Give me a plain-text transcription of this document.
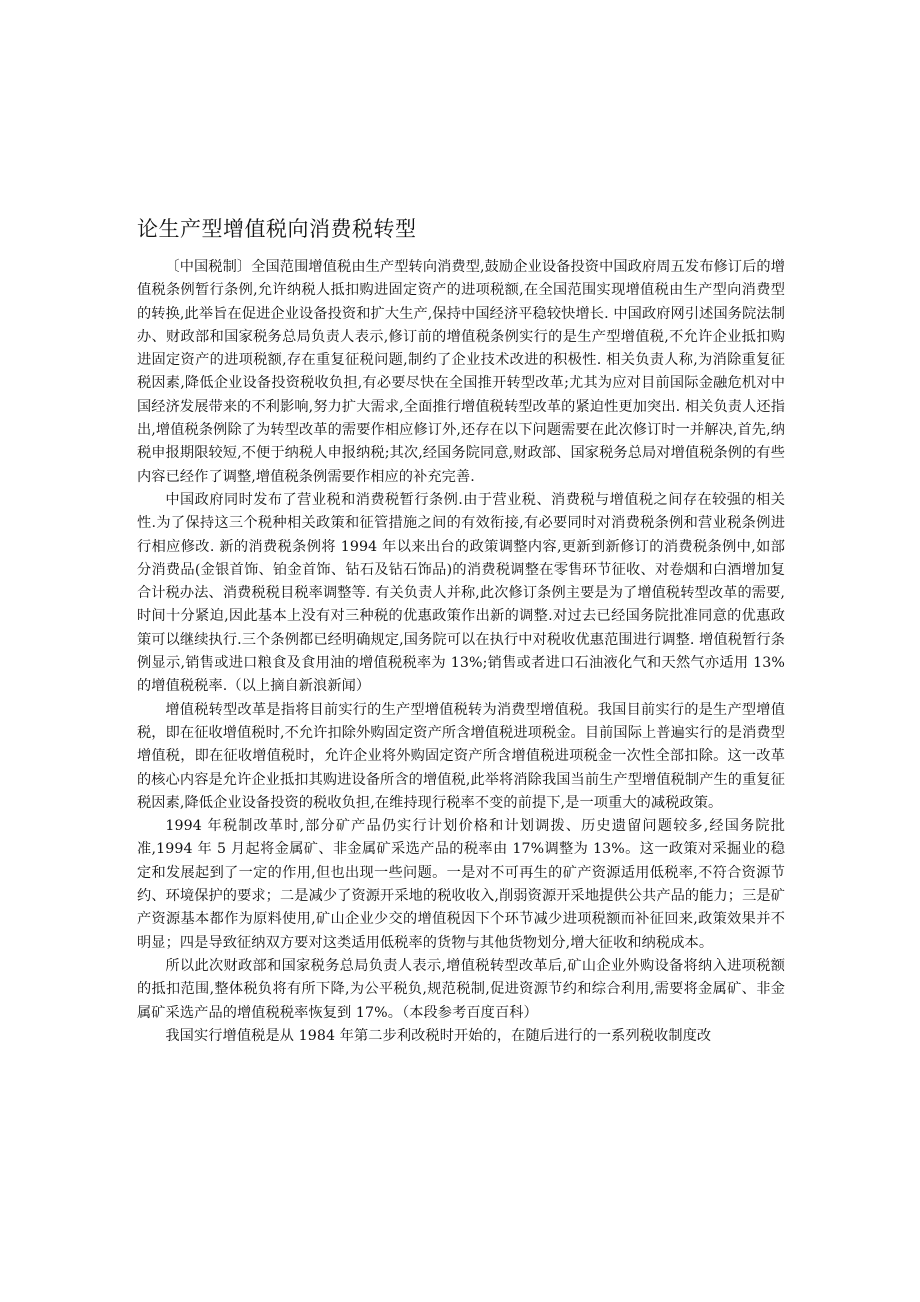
论生产型增值税向消费税转型

〔中国税制〕全国范围增值税由生产型转向消费型,鼓励企业设备投资中国政府周五发布修订后的增值税条例暂行条例,允许纳税人抵扣购进固定资产的进项税额,在全国范围实现增值税由生产型向消费型的转换,此举旨在促进企业设备投资和扩大生产,保持中国经济平稳较快增长. 中国政府网引述国务院法制办、财政部和国家税务总局负责人表示,修订前的增值税条例实行的是生产型增值税,不允许企业抵扣购进固定资产的进项税额,存在重复征税问题,制约了企业技术改进的积极性. 相关负责人称,为消除重复征税因素,降低企业设备投资税收负担,有必要尽快在全国推开转型改革;尤其为应对目前国际金融危机对中国经济发展带来的不利影响,努力扩大需求,全面推行增值税转型改革的紧迫性更加突出. 相关负责人还指出,增值税条例除了为转型改革的需要作相应修订外,还存在以下问题需要在此次修订时一并解决,首先,纳税申报期限较短,不便于纳税人申报纳税;其次,经国务院同意,财政部、国家税务总局对增值税条例的有些内容已经作了调整,增值税条例需要作相应的补充完善.

中国政府同时发布了营业税和消费税暂行条例.由于营业税、消费税与增值税之间存在较强的相关性.为了保持这三个税种相关政策和征管措施之间的有效衔接,有必要同时对消费税条例和营业税条例进行相应修改. 新的消费税条例将 1994 年以来出台的政策调整内容,更新到新修订的消费税条例中,如部分消费品(金银首饰、铂金首饰、钻石及钻石饰品)的消费税调整在零售环节征收、对卷烟和白酒增加复合计税办法、消费税税目税率调整等. 有关负责人并称,此次修订条例主要是为了增值税转型改革的需要,时间十分紧迫,因此基本上没有对三种税的优惠政策作出新的调整.对过去已经国务院批准同意的优惠政策可以继续执行.三个条例都已经明确规定,国务院可以在执行中对税收优惠范围进行调整. 增值税暂行条例显示,销售或进口粮食及食用油的增值税税率为 13%;销售或者进口石油液化气和天然气亦适用 13%的增值税税率.（以上摘自新浪新闻）

增值税转型改革是指将目前实行的生产型增值税转为消费型增值税。我国目前实行的是生产型增值税，即在征收增值税时,不允许扣除外购固定资产所含增值税进项税金。目前国际上普遍实行的是消费型增值税，即在征收增值税时，允许企业将外购固定资产所含增值税进项税金一次性全部扣除。这一改革的核心内容是允许企业抵扣其购进设备所含的增值税,此举将消除我国当前生产型增值税制产生的重复征税因素,降低企业设备投资的税收负担,在维持现行税率不变的前提下,是一项重大的减税政策。

1994 年税制改革时,部分矿产品仍实行计划价格和计划调拨、历史遗留问题较多,经国务院批准,1994 年 5 月起将金属矿、非金属矿采选产品的税率由 17%调整为 13%。这一政策对采掘业的稳定和发展起到了一定的作用,但也出现一些问题。一是对不可再生的矿产资源适用低税率,不符合资源节约、环境保护的要求；二是减少了资源开采地的税收收入,削弱资源开采地提供公共产品的能力；三是矿产资源基本都作为原料使用,矿山企业少交的增值税因下个环节减少进项税额而补征回来,政策效果并不明显；四是导致征纳双方要对这类适用低税率的货物与其他货物划分,增大征收和纳税成本。

所以此次财政部和国家税务总局负责人表示,增值税转型改革后,矿山企业外购设备将纳入进项税额的抵扣范围,整体税负将有所下降,为公平税负,规范税制,促进资源节约和综合利用,需要将金属矿、非金属矿采选产品的增值税税率恢复到 17%。（本段参考百度百科）

我国实行增值税是从 1984 年第二步利改税时开始的，在随后进行的一系列税收制度改
